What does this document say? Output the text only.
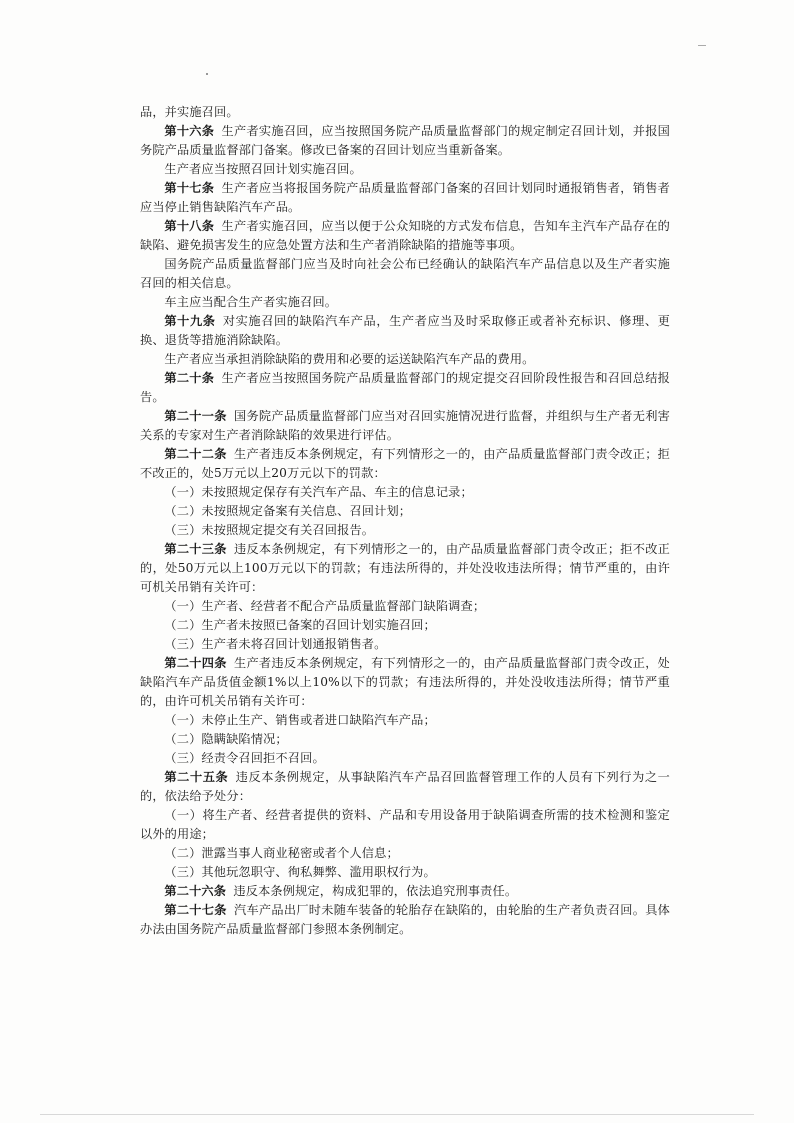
品，并实施召回。

第十六条 生产者实施召回，应当按照国务院产品质量监督部门的规定制定召回计划，并报国务院产品质量监督部门备案。修改已备案的召回计划应当重新备案。

生产者应当按照召回计划实施召回。

第十七条 生产者应当将报国务院产品质量监督部门备案的召回计划同时通报销售者，销售者应当停止销售缺陷汽车产品。

第十八条 生产者实施召回，应当以便于公众知晓的方式发布信息，告知车主汽车产品存在的缺陷、避免损害发生的应急处置方法和生产者消除缺陷的措施等事项。

国务院产品质量监督部门应当及时向社会公布已经确认的缺陷汽车产品信息以及生产者实施召回的相关信息。

车主应当配合生产者实施召回。

第十九条 对实施召回的缺陷汽车产品，生产者应当及时采取修正或者补充标识、修理、更换、退货等措施消除缺陷。

生产者应当承担消除缺陷的费用和必要的运送缺陷汽车产品的费用。

第二十条 生产者应当按照国务院产品质量监督部门的规定提交召回阶段性报告和召回总结报告。

第二十一条 国务院产品质量监督部门应当对召回实施情况进行监督，并组织与生产者无利害关系的专家对生产者消除缺陷的效果进行评估。

第二十二条 生产者违反本条例规定，有下列情形之一的，由产品质量监督部门责令改正；拒不改正的，处5万元以上20万元以下的罚款：

（一）未按照规定保存有关汽车产品、车主的信息记录；

（二）未按照规定备案有关信息、召回计划；

（三）未按照规定提交有关召回报告。

第二十三条 违反本条例规定，有下列情形之一的，由产品质量监督部门责令改正；拒不改正的，处50万元以上100万元以下的罚款；有违法所得的，并处没收违法所得；情节严重的，由许可机关吊销有关许可：

（一）生产者、经营者不配合产品质量监督部门缺陷调查；

（二）生产者未按照已备案的召回计划实施召回；

（三）生产者未将召回计划通报销售者。

第二十四条 生产者违反本条例规定，有下列情形之一的，由产品质量监督部门责令改正，处缺陷汽车产品货值金额1%以上10%以下的罚款；有违法所得的，并处没收违法所得；情节严重的，由许可机关吊销有关许可：

（一）未停止生产、销售或者进口缺陷汽车产品；

（二）隐瞒缺陷情况；

（三）经责令召回拒不召回。

第二十五条 违反本条例规定，从事缺陷汽车产品召回监督管理工作的人员有下列行为之一的，依法给予处分：

（一）将生产者、经营者提供的资料、产品和专用设备用于缺陷调查所需的技术检测和鉴定以外的用途；

（二）泄露当事人商业秘密或者个人信息；

（三）其他玩忽职守、徇私舞弊、滥用职权行为。

第二十六条 违反本条例规定，构成犯罪的，依法追究刑事责任。

第二十七条 汽车产品出厂时未随车装备的轮胎存在缺陷的，由轮胎的生产者负责召回。具体办法由国务院产品质量监督部门参照本条例制定。
